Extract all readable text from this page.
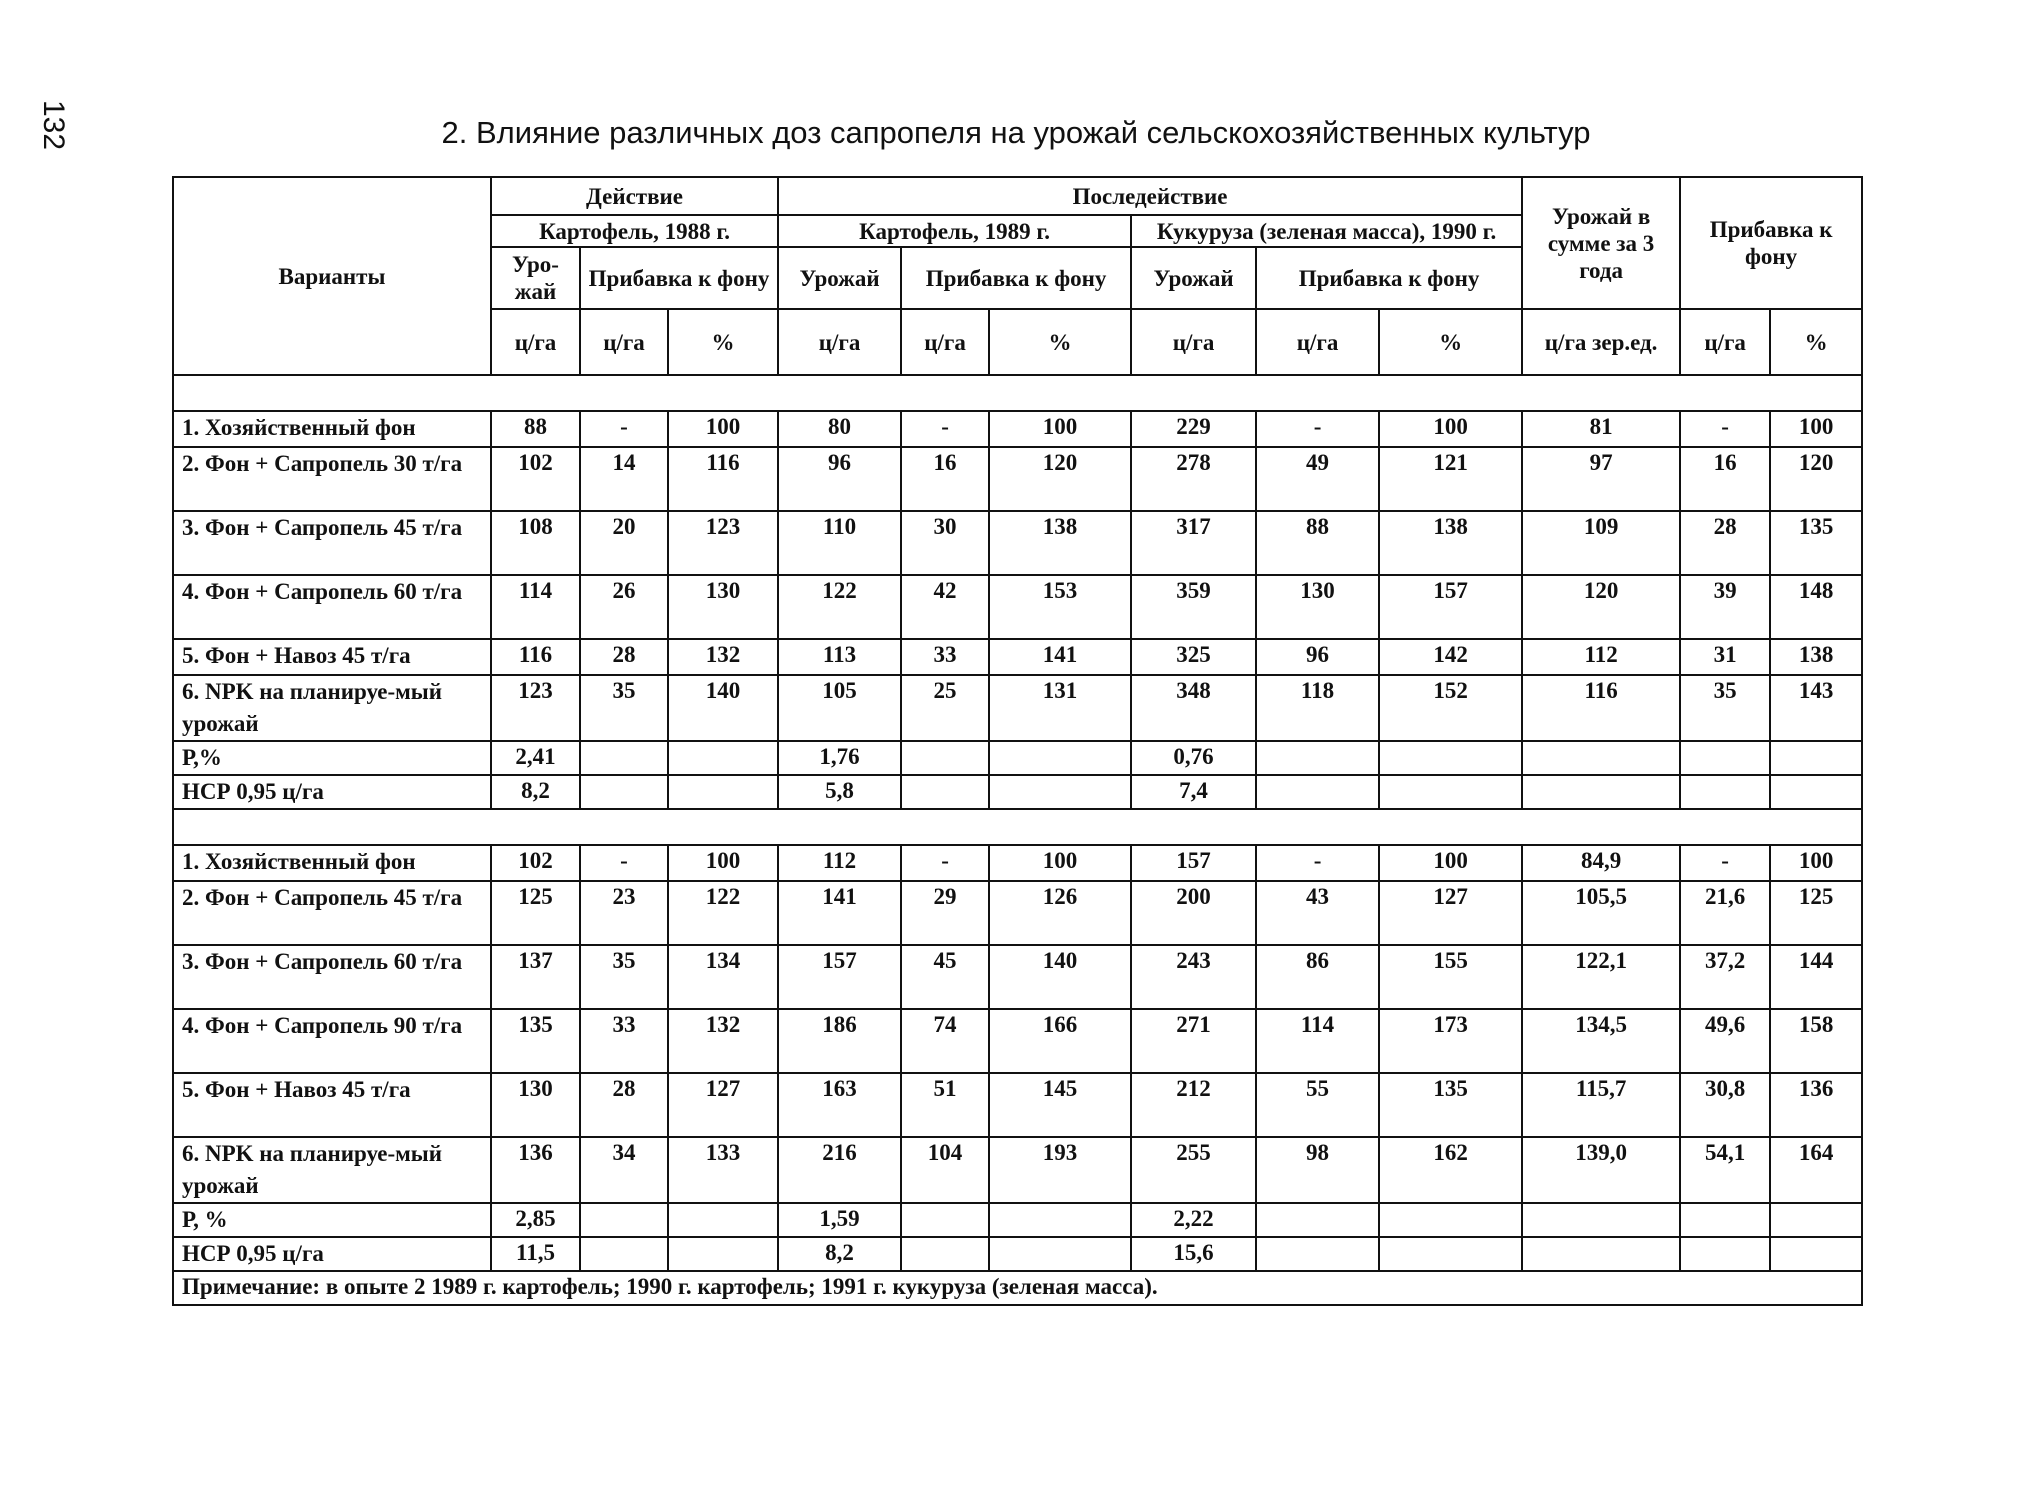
132	2. Влияние различных доз сапропеля на урожай сельскохозяйственных культур
Варианты	Действие			Последействие						Урожай в сумме за 3 года	Прибавка к фону	
	Картофель, 1988 г.			Картофель, 1989 г.			Кукуруза (зеленая масса), 1990 г.					
	Уро-жай	Прибавка к фону		Урожай	Прибавка к фону		Урожай	Прибавка к фону				
	ц/га	ц/га	%	ц/га	ц/га	%	ц/га	ц/га	%	ц/га зер.ед.	ц/га	%

1. Хозяйственный фон	88	-	100	80	-	100	229	-	100	81	-	100
2. Фон + Сапропель 30 т/га	102	14	116	96	16	120	278	49	121	97	16	120
3. Фон + Сапропель 45 т/га	108	20	123	110	30	138	317	88	138	109	28	135
4. Фон + Сапропель 60 т/га	114	26	130	122	42	153	359	130	157	120	39	148
5. Фон + Навоз 45 т/га	116	28	132	113	33	141	325	96	142	112	31	138
6. NPK на планируе-мый урожай	123	35	140	105	25	131	348	118	152	116	35	143
Р,%	2,41			1,76			0,76					
НСР 0,95 ц/га	8,2			5,8			7,4					

1. Хозяйственный фон	102	-	100	112	-	100	157	-	100	84,9	-	100
2. Фон + Сапропель 45 т/га	125	23	122	141	29	126	200	43	127	105,5	21,6	125
3. Фон + Сапропель 60 т/га	137	35	134	157	45	140	243	86	155	122,1	37,2	144
4. Фон + Сапропель 90 т/га	135	33	132	186	74	166	271	114	173	134,5	49,6	158
5. Фон + Навоз 45 т/га	130	28	127	163	51	145	212	55	135	115,7	30,8	136
6. NPK на планируе-мый урожай	136	34	133	216	104	193	255	98	162	139,0	54,1	164
Р, %	2,85			1,59			2,22					
НСР 0,95 ц/га	11,5			8,2			15,6					
Примечание: в опыте 2 1989 г. картофель; 1990 г. картофель; 1991 г. кукуруза (зеленая масса).												
